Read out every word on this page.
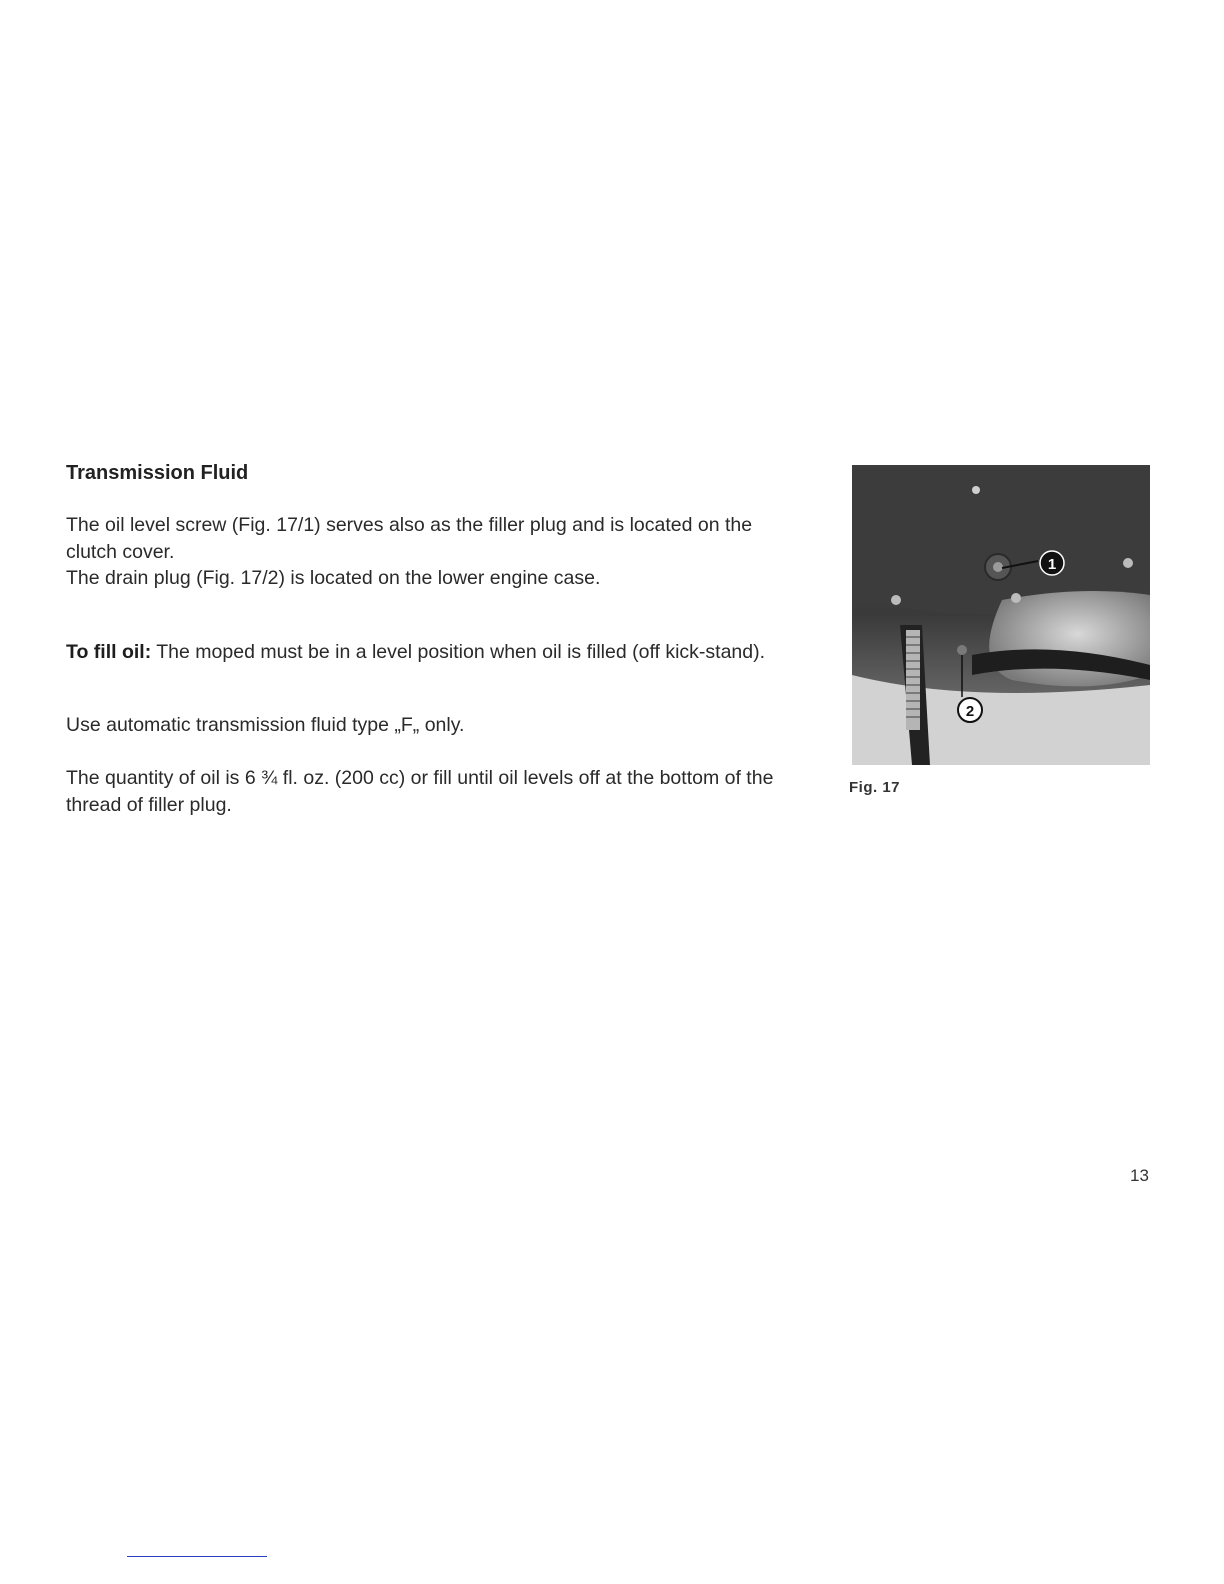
Transmission Fluid

The oil level screw (Fig. 17/1) serves also as the filler plug and is located on the clutch cover.

The drain plug (Fig. 17/2) is located on the lower engine case.

To fill oil: The moped must be in a level position when oil is filled (off kick-stand).

Use automatic transmission fluid type „F„ only.

The quantity of oil is 6 ¾ fl. oz. (200 cc) or fill until oil levels off at the bottom of the thread of filler plug.

1
2
Fig. 17
13
